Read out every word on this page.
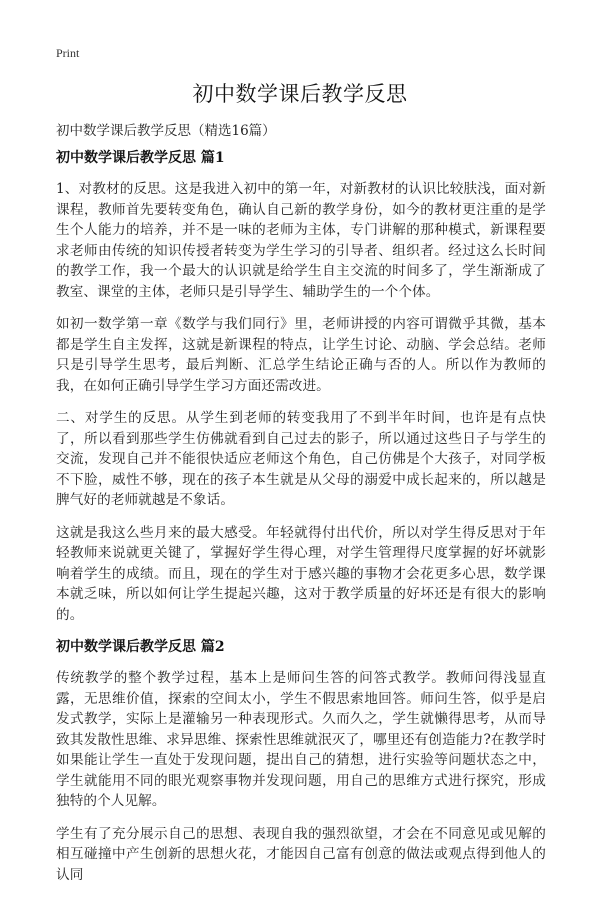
Print
初中数学课后教学反思
初中数学课后教学反思（精选16篇）
初中数学课后教学反思 篇1

1、对教材的反思。这是我进入初中的第一年，对新教材的认识比较肤浅，面对新课程，教师首先要转变角色，确认自己新的教学身份，如今的教材更注重的是学生个人能力的培养，并不是一味的老师为主体，专门讲解的那种模式，新课程要求老师由传统的知识传授者转变为学生学习的引导者、组织者。经过这么长时间的教学工作，我一个最大的认识就是给学生自主交流的时间多了，学生渐渐成了教室、课堂的主体，老师只是引导学生、辅助学生的一个个体。

如初一数学第一章《数学与我们同行》里，老师讲授的内容可谓微乎其微，基本都是学生自主发挥，这就是新课程的特点，让学生讨论、动脑、学会总结。老师只是引导学生思考，最后判断、汇总学生结论正确与否的人。所以作为教师的我，在如何正确引导学生学习方面还需改进。

二、对学生的反思。从学生到老师的转变我用了不到半年时间，也许是有点快了，所以看到那些学生仿佛就看到自己过去的影子，所以通过这些日子与学生的交流，发现自己并不能很快适应老师这个角色，自己仿佛是个大孩子，对同学板不下脸，威性不够，现在的孩子本生就是从父母的溺爱中成长起来的，所以越是脾气好的老师就越是不象话。

这就是我这么些月来的最大感受。年轻就得付出代价，所以对学生得反思对于年轻教师来说就更关键了，掌握好学生得心理，对学生管理得尺度掌握的好坏就影响着学生的成绩。而且，现在的学生对于感兴趣的事物才会花更多心思，数学课本就乏味，所以如何让学生提起兴趣，这对于教学质量的好坏还是有很大的影响的。

初中数学课后教学反思 篇2

传统教学的整个教学过程，基本上是师问生答的问答式教学。教师问得浅显直露，无思维价值，探索的空间太小，学生不假思索地回答。师问生答，似乎是启发式教学，实际上是灌输另一种表现形式。久而久之，学生就懒得思考，从而导致其发散性思维、求异思维、探索性思维就泯灭了，哪里还有创造能力?在教学时如果能让学生一直处于发现问题，提出自己的猜想，进行实验等问题状态之中，学生就能用不同的眼光观察事物并发现问题，用自己的思维方式进行探究，形成独特的个人见解。

学生有了充分展示自己的思想、表现自我的强烈欲望，才会在不同意见或见解的相互碰撞中产生创新的思想火花，才能因自己富有创意的做法或观点得到他人的认同
